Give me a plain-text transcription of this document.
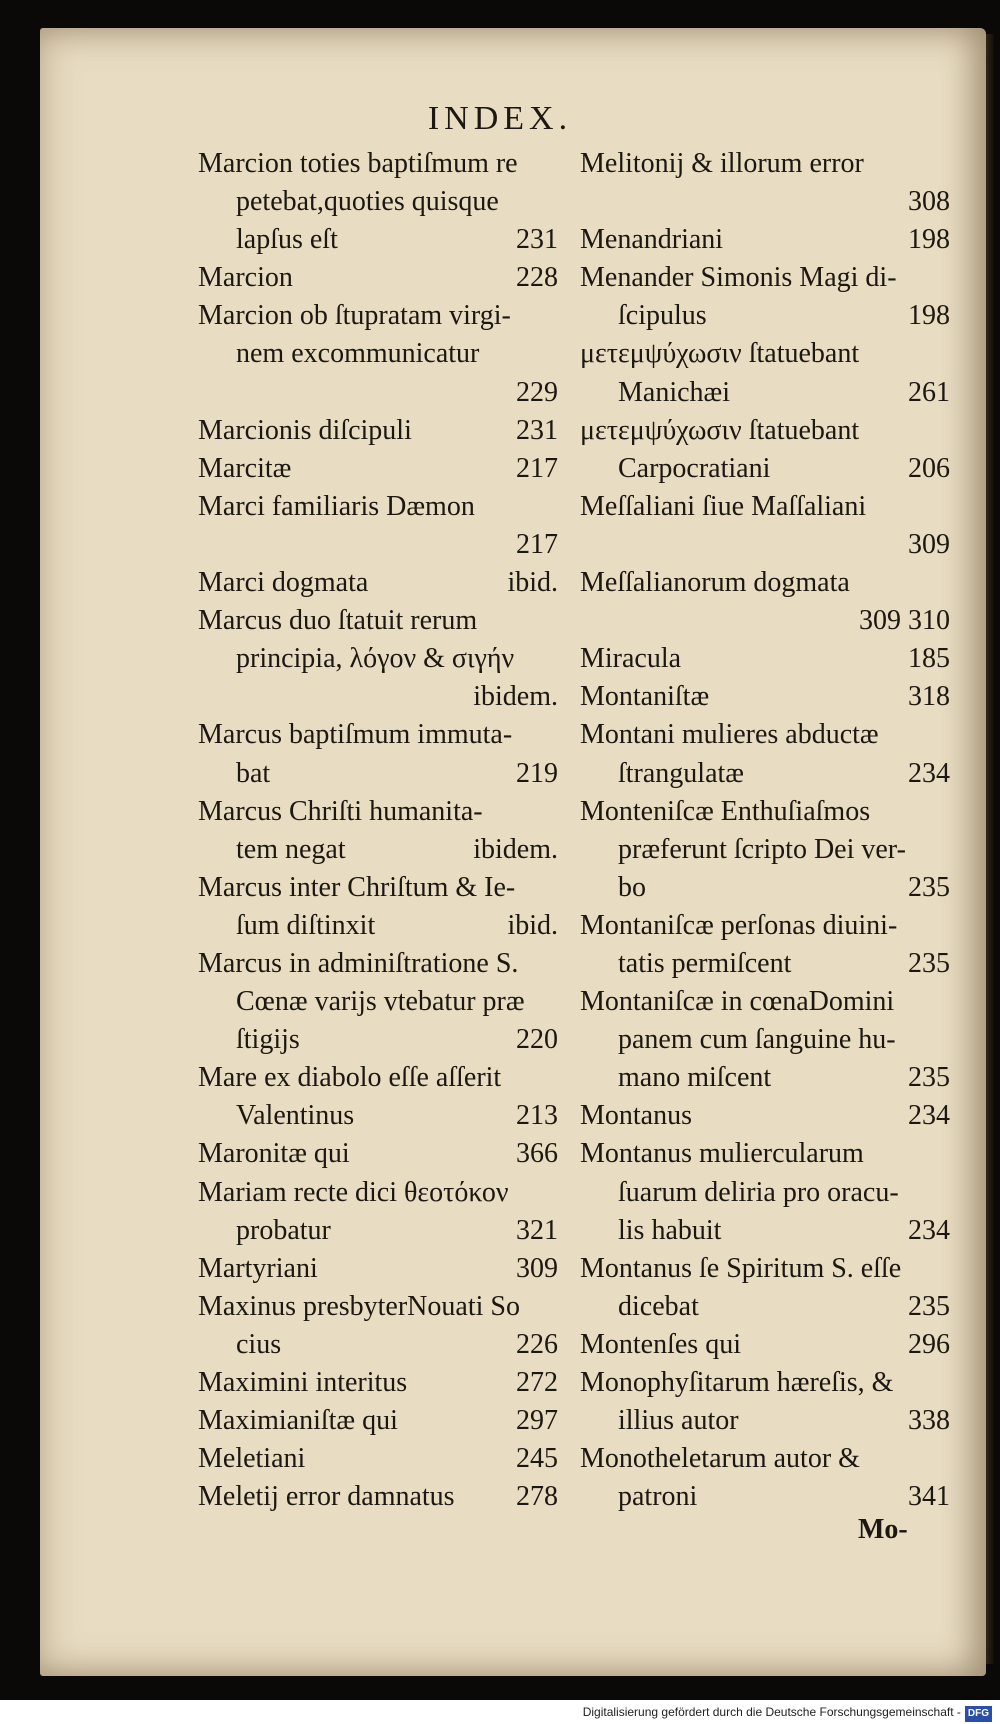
INDEX.
Marcion toties baptiſmum re
petebat,quoties quisque
lapſus eſt	231
Marcion	228
Marcion ob ſtupratam virgi-
nem excommunicatur
229
Marcionis diſcipuli	231
Marcitæ	217
Marci familiaris Dæmon
217
Marci dogmata	ibid.
Marcus duo ſtatuit rerum
principia, λόγον & σιγήν
ibidem.
Marcus baptiſmum immuta-
bat	219
Marcus Chriſti humanita-
tem negat	ibidem.
Marcus inter Chriſtum & Ie-
ſum diſtinxit	ibid.
Marcus in adminiſtratione S.
Cœnæ varijs vtebatur præ
ſtigijs	220
Mare ex diabolo eſſe aſſerit
Valentinus	213
Maronitæ qui	366
Mariam recte dici θεοτόκον
probatur	321
Martyriani	309
Maxinus presbyterNouati So
cius	226
Maximini interitus	272
Maximianiſtæ qui	297
Meletiani	245
Meletij error damnatus 278
Melitonij & illorum error
308
Menandriani	198
Menander Simonis Magi di-
ſcipulus	198
μετεμψύχωσιν ſtatuebant
Manichæi	261
μετεμψύχωσιν ſtatuebant
Carpocratiani	206
Meſſaliani ſiue Maſſaliani
309
Meſſalianorum dogmata
309 310
Miracula	185
Montaniſtæ	318
Montani mulieres abductæ
ſtrangulatæ	234
Monteniſcæ Enthuſiaſmos
præferunt ſcripto Dei ver-
bo	235
Montaniſcæ perſonas diuini-
tatis permiſcent	235
Montaniſcæ in cœnaDomini
panem cum ſanguine hu-
mano miſcent	235
Montanus	234
Montanus muliercularum
ſuarum deliria pro oracu-
lis habuit	234
Montanus ſe Spiritum S. eſſe
dicebat	235
Montenſes qui	296
Monophyſitarum hæreſis, &
illius autor	338
Monotheletarum autor &
patroni	341
Mo-
Digitalisierung gefördert durch die Deutsche Forschungsgemeinschaft - DFG
